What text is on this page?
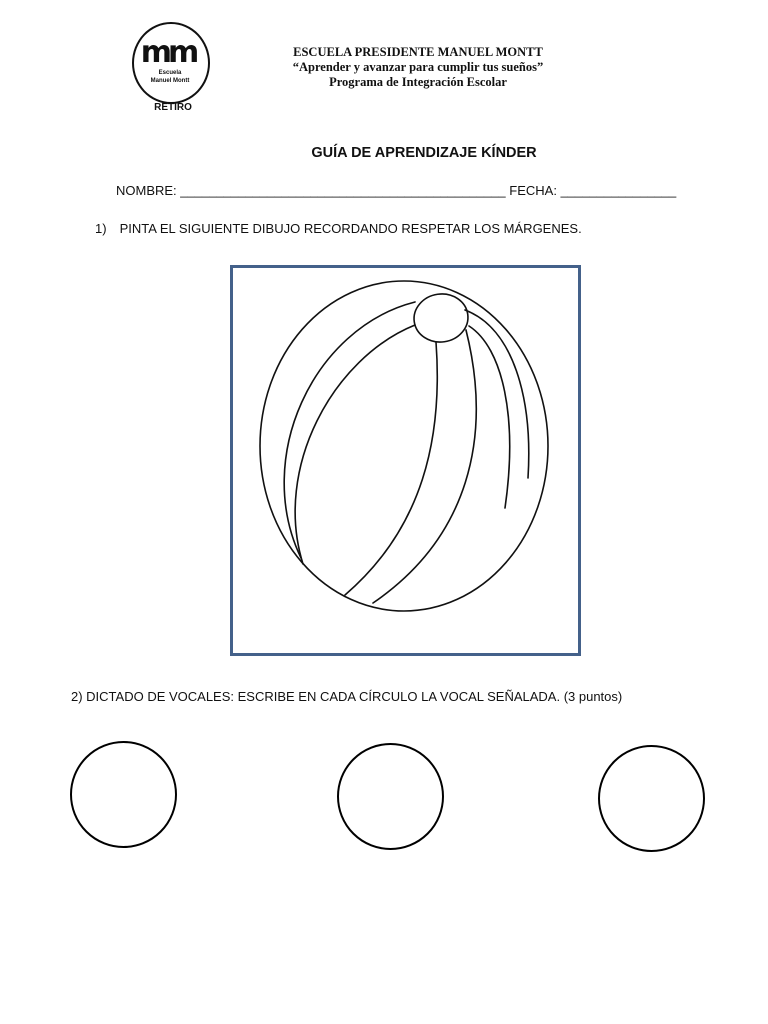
mm
Escuela
Manuel Montt
RETIRO
ESCUELA PRESIDENTE MANUEL MONTT
“Aprender y avanzar para cumplir tus sueños”
Programa de Integración Escolar
GUÍA DE APRENDIZAJE KÍNDER
NOMBRE: _____________________________________________ FECHA: ________________
1) PINTA EL SIGUIENTE DIBUJO RECORDANDO RESPETAR LOS MÁRGENES.
2) DICTADO DE VOCALES: ESCRIBE EN CADA CÍRCULO LA VOCAL SEÑALADA. (3 puntos)
